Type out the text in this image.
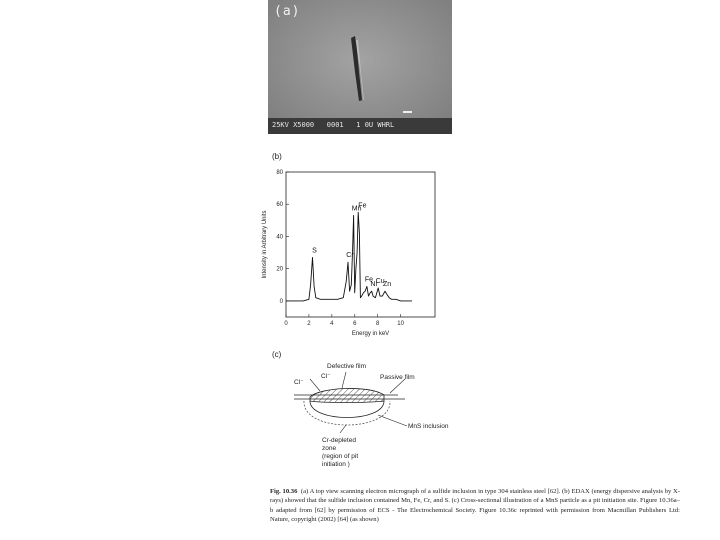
(a)
25KV X5000   0001   1 0U WHRL
(b)
0	2	4	6	8	10
0
20
40
60
80
Energy in keV
Intensity in Arbitrary Units	S
Cr
Mn
Fe
Fe
Ni
Cu
Zn
(c)
Defective film
Passive film
Cl⁻
Cl⁻
MnS inclusion
Cr-depleted
zone
(region of pit
initiation )
Fig. 10.36 (a) A top view scanning electron micrograph of a sulfide inclusion in type 304 stainless steel [62]. (b) EDAX (energy dispersive analysis by X-rays) showed that the sulfide inclusion contained Mn, Fe, Cr, and S. (c) Cross-sectional illustration of a MnS particle as a pit initiation site. Figure 10.36a–b adapted from [62] by permission of ECS - The Electrochemical Society. Figure 10.36c reprinted with permission from Macmillan Publishers Ltd: Nature, copyright (2002) [64] (as shown)
